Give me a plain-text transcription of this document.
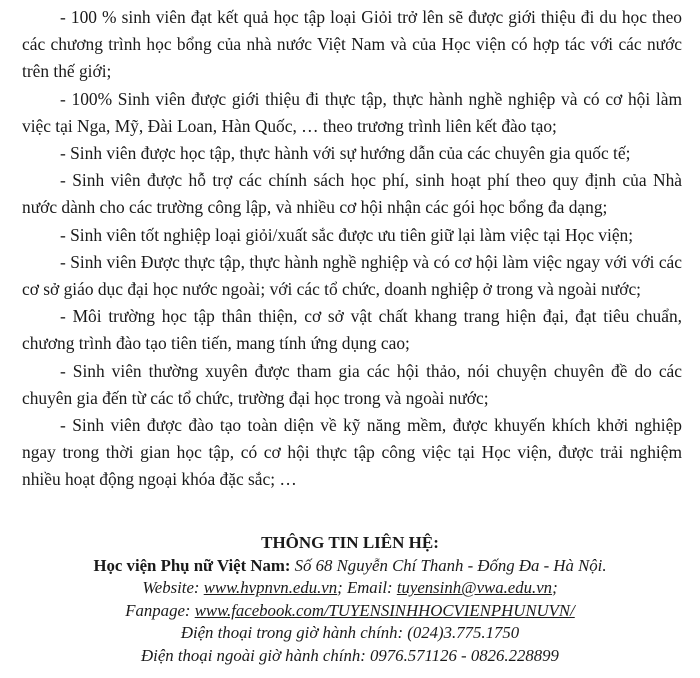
- 100 % sinh viên đạt kết quả học tập loại Giỏi trở lên sẽ được giới thiệu đi du học theo các chương trình học bổng của nhà nước Việt Nam và của Học viện có hợp tác với các nước trên thế giới;

- 100% Sinh viên được giới thiệu đi thực tập, thực hành nghề nghiệp và có cơ hội làm việc tại Nga, Mỹ, Đài Loan, Hàn Quốc, … theo trương trình liên kết đào tạo;

- Sinh viên được học tập, thực hành với sự hướng dẫn của các chuyên gia quốc tế;

- Sinh viên được hỗ trợ các chính sách học phí, sinh hoạt phí theo quy định của Nhà nước dành cho các trường công lập, và nhiều cơ hội nhận các gói học bổng đa dạng;

- Sinh viên tốt nghiệp loại giỏi/xuất sắc được ưu tiên giữ lại làm việc tại Học viện;

- Sinh viên Được thực tập, thực hành nghề nghiệp và có cơ hội làm việc ngay với với các cơ sở giáo dục đại học nước ngoài; với các tổ chức, doanh nghiệp ở trong và ngoài nước;

- Môi trường học tập thân thiện, cơ sở vật chất khang trang hiện đại, đạt tiêu chuẩn, chương trình đào tạo tiên tiến, mang tính ứng dụng cao;

- Sinh viên thường xuyên được tham gia các hội thảo, nói chuyện chuyên đề do các chuyên gia đến từ các tổ chức, trường đại học trong và ngoài nước;

- Sinh viên được đào tạo toàn diện về kỹ năng mềm, được khuyến khích khởi nghiệp ngay trong thời gian học tập, có cơ hội thực tập công việc tại Học viện, được trải nghiệm nhiều hoạt động ngoại khóa đặc sắc; …

THÔNG TIN LIÊN HỆ:
Học viện Phụ nữ Việt Nam: Số 68 Nguyễn Chí Thanh - Đống Đa - Hà Nội.
Website: www.hvpnvn.edu.vn; Email: tuyensinh@vwa.edu.vn;
Fanpage: www.facebook.com/TUYENSINHHOCVIENPHUNUVN/
Điện thoại trong giờ hành chính: (024)3.775.1750
Điện thoại ngoài giờ hành chính: 0976.571126 - 0826.228899
